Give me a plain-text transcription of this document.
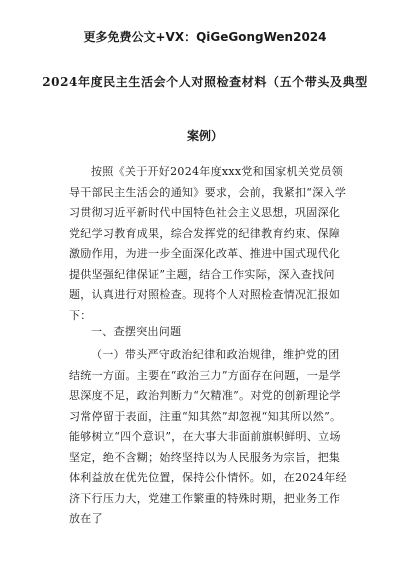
更多免费公文+VX：QiGeGongWen2024
2024年度民主生活会个人对照检查材料（五个带头及典型
案例）
按照《关于开好2024年度xxx党和国家机关党员领导干部民主生活会的通知》要求，会前，我紧扣“深入学习贯彻习近平新时代中国特色社会主义思想，巩固深化党纪学习教育成果，综合发挥党的纪律教育约束、保障激励作用，为进一步全面深化改革、推进中国式现代化提供坚强纪律保证”主题，结合工作实际，深入查找问题，认真进行对照检查。现将个人对照检查情况汇报如下：
一、查摆突出问题
（一）带头严守政治纪律和政治规律，维护党的团结统一方面。主要在“政治三力”方面存在问题，一是学思深度不足，政治判断力“欠精准”。对党的创新理论学习常停留于表面，注重“知其然”却忽视“知其所以然”。能够树立“四个意识”，在大事大非面前旗帜鲜明、立场坚定，绝不含糊；始终坚持以为人民服务为宗旨，把集体利益放在优先位置，保持公仆情怀。如，在2024年经济下行压力大，党建工作繁重的特殊时期，把业务工作放在了
